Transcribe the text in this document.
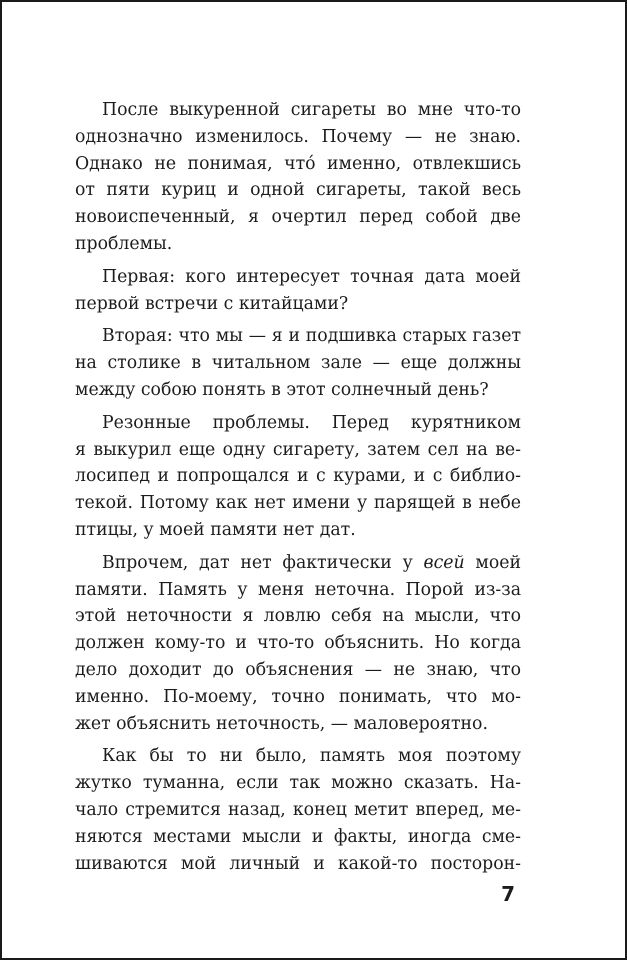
После выкуренной сигареты во мне что-то
однозначно изменилось. Почему — не знаю.
Однако не понимая, что́ именно, отвлекшись
от пяти куриц и одной сигареты, такой весь
новоиспеченный, я очертил перед собой две
проблемы.

Первая: кого интересует точная дата моей
первой встречи с китайцами?

Вторая: что мы — я и подшивка старых газет
на столике в читальном зале — еще должны
между собою понять в этот солнечный день?

Резонные проблемы. Перед курятником
я выкурил еще одну сигарету, затем сел на ве-
лосипед и попрощался и с курами, и с библио-
текой. Потому как нет имени у парящей в небе
птицы, у моей памяти нет дат.

Впрочем, дат нет фактически у всей моей
памяти. Память у меня неточна. Порой из-за
этой неточности я ловлю себя на мысли, что
должен кому-то и что-то объяснить. Но когда
дело доходит до объяснения — не знаю, что
именно. По-моему, точно понимать, что мо-
жет объяснить неточность, — маловероятно.

Как бы то ни было, память моя поэтому
жутко туманна, если так можно сказать. На-
чало стремится назад, конец метит вперед, ме-
няются местами мысли и факты, иногда сме-
шиваются мой личный и какой-то посторон-

7
